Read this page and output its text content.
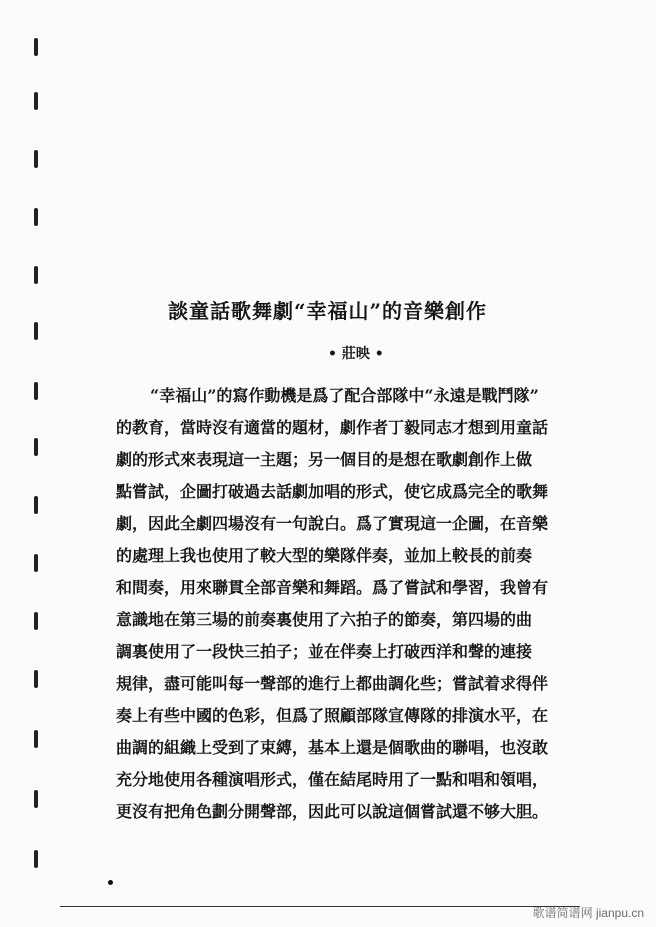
談童話歌舞劇“幸福山”的音樂創作
• 莊映 •
“幸福山”的寫作動機是爲了配合部隊中“永遠是戰鬥隊”
的教育，當時沒有適當的題材，劇作者丁毅同志才想到用童話
劇的形式來表現這一主題；另一個目的是想在歌劇創作上做
點嘗試，企圖打破過去話劇加唱的形式，使它成爲完全的歌舞
劇，因此全劇四場沒有一句說白。爲了實現這一企圖，在音樂
的處理上我也使用了較大型的樂隊伴奏，並加上較長的前奏
和間奏，用來聯貫全部音樂和舞蹈。爲了嘗試和學習，我曾有
意識地在第三場的前奏裏使用了六拍子的節奏，第四場的曲
調裏使用了一段快三拍子；並在伴奏上打破西洋和聲的連接
規律，盡可能叫每一聲部的進行上都曲調化些；嘗試着求得伴
奏上有些中國的色彩，但爲了照顧部隊宣傳隊的排演水平，在
曲調的組織上受到了束縛，基本上還是個歌曲的聯唱，也沒敢
充分地使用各種演唱形式，僅在結尾時用了一點和唱和領唱，
更沒有把角色劃分開聲部，因此可以說這個嘗試還不够大胆。
歌谱简谱网 jianpu.cn
